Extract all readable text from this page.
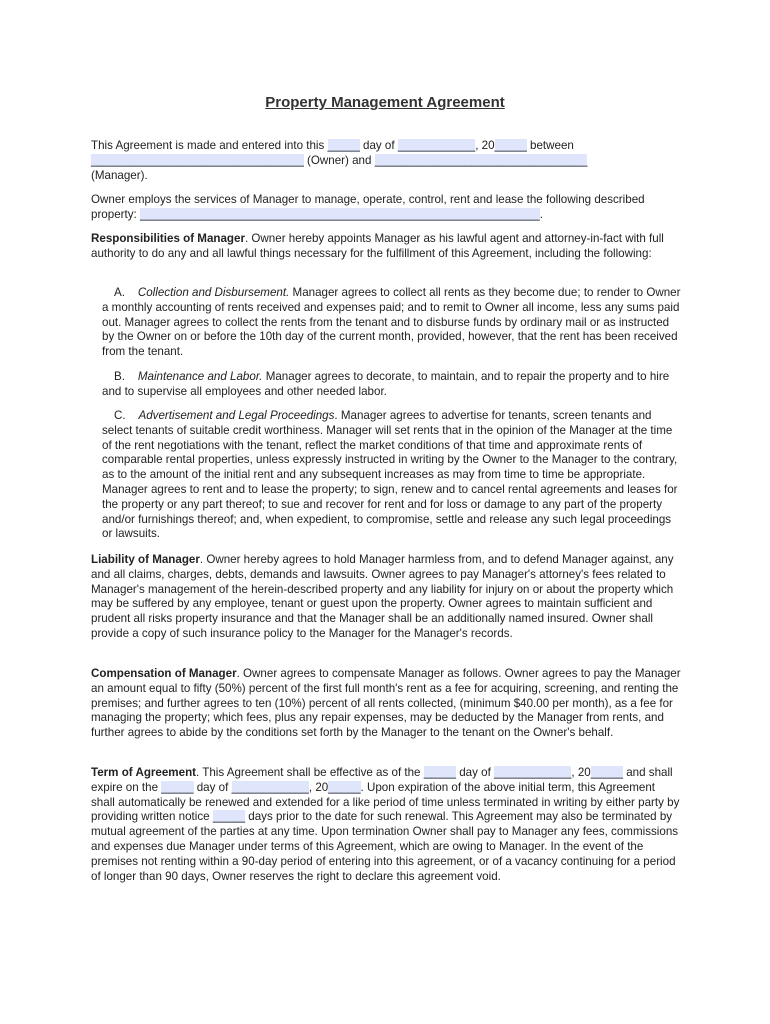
Property Management Agreement
This Agreement is made and entered into this _____ day of ____________, 20_____ between
_________________________________ (Owner) and _________________________________
(Manager).
Owner employs the services of Manager to manage, operate, control, rent and lease the following described property: ______________________________________________________________.
Responsibilities of Manager. Owner hereby appoints Manager as his lawful agent and attorney-in-fact with full authority to do any and all lawful things necessary for the fulfillment of this Agreement, including the following:
A. Collection and Disbursement. Manager agrees to collect all rents as they become due; to render to Owner a monthly accounting of rents received and expenses paid; and to remit to Owner all income, less any sums paid out. Manager agrees to collect the rents from the tenant and to disburse funds by ordinary mail or as instructed by the Owner on or before the 10th day of the current month, provided, however, that the rent has been received from the tenant.
B. Maintenance and Labor. Manager agrees to decorate, to maintain, and to repair the property and to hire and to supervise all employees and other needed labor.
C. Advertisement and Legal Proceedings. Manager agrees to advertise for tenants, screen tenants and select tenants of suitable credit worthiness. Manager will set rents that in the opinion of the Manager at the time of the rent negotiations with the tenant, reflect the market conditions of that time and approximate rents of comparable rental properties, unless expressly instructed in writing by the Owner to the Manager to the contrary, as to the amount of the initial rent and any subsequent increases as may from time to time be appropriate. Manager agrees to rent and to lease the property; to sign, renew and to cancel rental agreements and leases for the property or any part thereof; to sue and recover for rent and for loss or damage to any part of the property and/or furnishings thereof; and, when expedient, to compromise, settle and release any such legal proceedings or lawsuits.
Liability of Manager. Owner hereby agrees to hold Manager harmless from, and to defend Manager against, any and all claims, charges, debts, demands and lawsuits. Owner agrees to pay Manager's attorney's fees related to Manager's management of the herein-described property and any liability for injury on or about the property which may be suffered by any employee, tenant or guest upon the property. Owner agrees to maintain sufficient and prudent all risks property insurance and that the Manager shall be an additionally named insured. Owner shall provide a copy of such insurance policy to the Manager for the Manager's records.
Compensation of Manager. Owner agrees to compensate Manager as follows. Owner agrees to pay the Manager an amount equal to fifty (50%) percent of the first full month's rent as a fee for acquiring, screening, and renting the premises; and further agrees to ten (10%) percent of all rents collected, (minimum $40.00 per month), as a fee for managing the property; which fees, plus any repair expenses, may be deducted by the Manager from rents, and further agrees to abide by the conditions set forth by the Manager to the tenant on the Owner's behalf.
Term of Agreement. This Agreement shall be effective as of the _____ day of ____________, 20_____ and shall expire on the _____ day of ____________, 20_____. Upon expiration of the above initial term, this Agreement shall automatically be renewed and extended for a like period of time unless terminated in writing by either party by providing written notice _____ days prior to the date for such renewal. This Agreement may also be terminated by mutual agreement of the parties at any time. Upon termination Owner shall pay to Manager any fees, commissions and expenses due Manager under terms of this Agreement, which are owing to Manager. In the event of the premises not renting within a 90-day period of entering into this agreement, or of a vacancy continuing for a period of longer than 90 days, Owner reserves the right to declare this agreement void.
